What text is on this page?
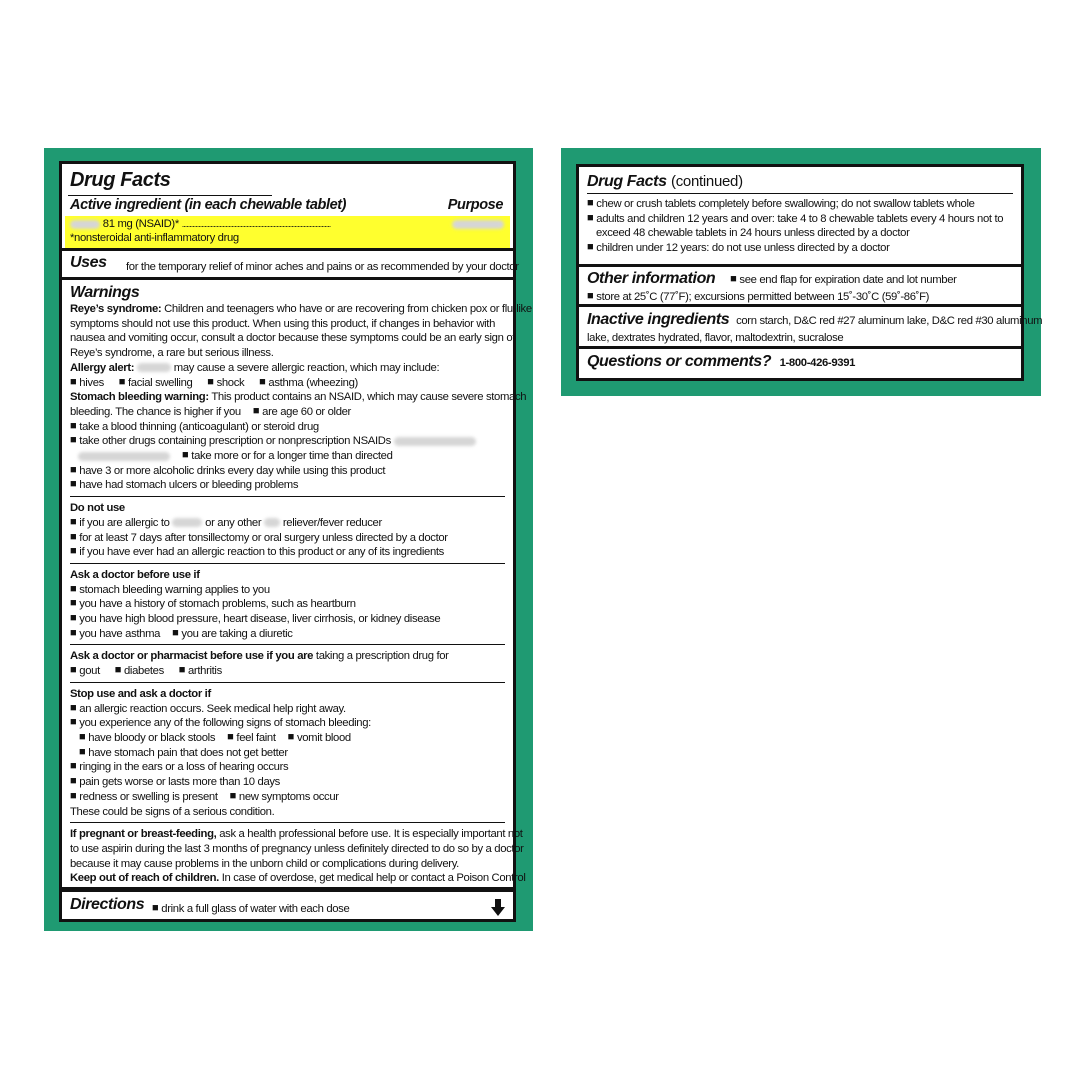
Drug Facts
Active ingredient (in each chewable tablet)	Purpose
81 mg (NSAID)* ...................................................................................................
*nonsteroidal anti-inflammatory drug
Uses for the temporary relief of minor aches and pains or as recommended by your doctor
Warnings
Reye’s syndrome: Children and teenagers who have or are recovering from chicken pox or flu-like
symptoms should not use this product. When using this product, if changes in behavior with
nausea and vomiting occur, consult a doctor because these symptoms could be an early sign of
Reye’s syndrome, a rare but serious illness.
Allergy alert:	may cause a severe allergic reaction, which may include:
■ hives ■ facial swelling ■ shock ■ asthma (wheezing)
Stomach bleeding warning: This product contains an NSAID, which may cause severe stomach
bleeding. The chance is higher if you ■ are age 60 or older
■ take a blood thinning (anticoagulant) or steroid drug
■ take other drugs containing prescription or nonprescription NSAIDs
■ take more or for a longer time than directed
■ have 3 or more alcoholic drinks every day while using this product
■ have had stomach ulcers or bleeding problems
Do not use
■ if you are allergic to	or any other reliever/fever reducer
■ for at least 7 days after tonsillectomy or oral surgery unless directed by a doctor
■ if you have ever had an allergic reaction to this product or any of its ingredients
Ask a doctor before use if
■ stomach bleeding warning applies to you
■ you have a history of stomach problems, such as heartburn
■ you have high blood pressure, heart disease, liver cirrhosis, or kidney disease
■ you have asthma ■ you are taking a diuretic
Ask a doctor or pharmacist before use if you are taking a prescription drug for
■ gout ■ diabetes ■ arthritis
Stop use and ask a doctor if
■ an allergic reaction occurs. Seek medical help right away.
■ you experience any of the following signs of stomach bleeding:
■ have bloody or black stools ■ feel faint ■ vomit blood
■ have stomach pain that does not get better
■ ringing in the ears or a loss of hearing occurs
■ pain gets worse or lasts more than 10 days
■ redness or swelling is present ■ new symptoms occur
These could be signs of a serious condition.
If pregnant or breast-feeding, ask a health professional before use. It is especially important not
to use aspirin during the last 3 months of pregnancy unless definitely directed to do so by a doctor
because it may cause problems in the unborn child or complications during delivery.
Keep out of reach of children. In case of overdose, get medical help or contact a Poison Control
Directions ■ drink a full glass of water with each dose
Drug Facts (continued)
■ chew or crush tablets completely before swallowing; do not swallow tablets whole
■ adults and children 12 years and over: take 4 to 8 chewable tablets every 4 hours not to
exceed 48 chewable tablets in 24 hours unless directed by a doctor
■ children under 12 years: do not use unless directed by a doctor
Other information ■ see end flap for expiration date and lot number
■ store at 25˚C (77˚F); excursions permitted between 15˚-30˚C (59˚-86˚F)
Inactive ingredients corn starch, D&C red #27 aluminum lake, D&C red #30 aluminum
lake, dextrates hydrated, flavor, maltodextrin, sucralose
Questions or comments? 1-800-426-9391
